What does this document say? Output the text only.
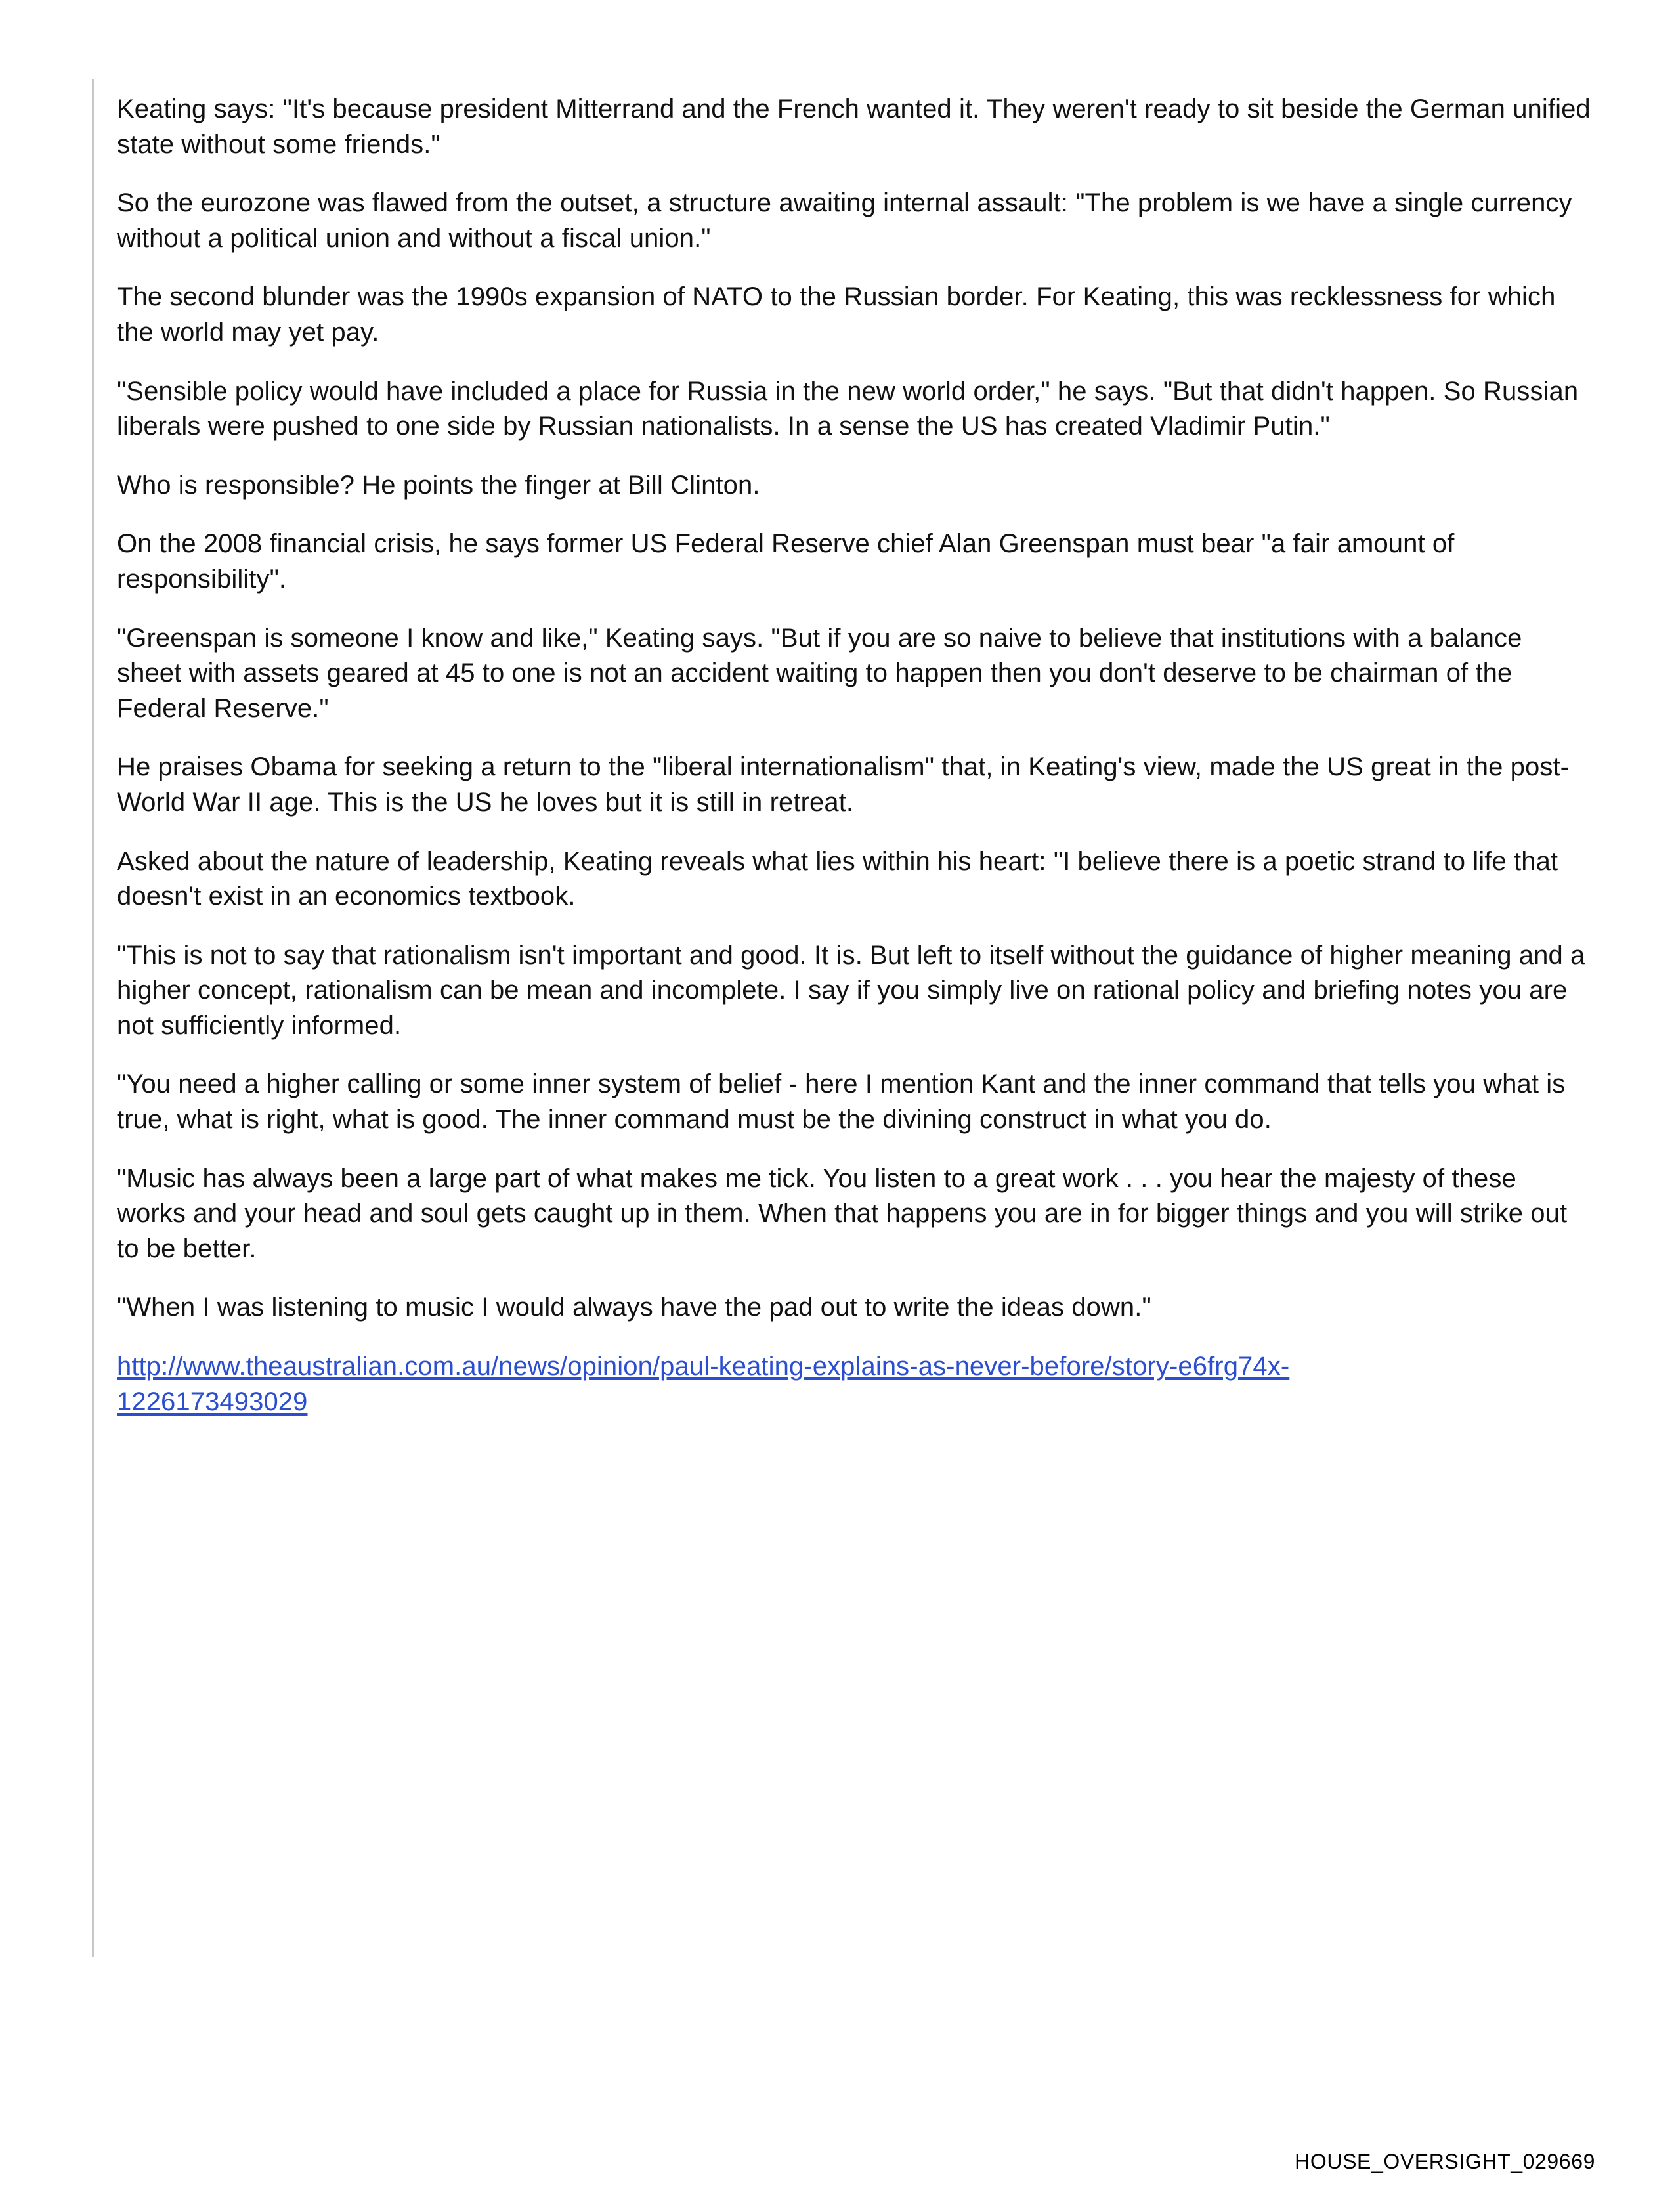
Keating says: "It's because president Mitterrand and the French wanted it. They weren't ready to sit beside the German unified state without some friends."

So the eurozone was flawed from the outset, a structure awaiting internal assault: "The problem is we have a single currency without a political union and without a fiscal union."

The second blunder was the 1990s expansion of NATO to the Russian border. For Keating, this was recklessness for which the world may yet pay.

"Sensible policy would have included a place for Russia in the new world order," he says. "But that didn't happen. So Russian liberals were pushed to one side by Russian nationalists. In a sense the US has created Vladimir Putin."

Who is responsible? He points the finger at Bill Clinton.

On the 2008 financial crisis, he says former US Federal Reserve chief Alan Greenspan must bear "a fair amount of responsibility".

"Greenspan is someone I know and like," Keating says. "But if you are so naive to believe that institutions with a balance sheet with assets geared at 45 to one is not an accident waiting to happen then you don't deserve to be chairman of the Federal Reserve."

He praises Obama for seeking a return to the "liberal internationalism" that, in Keating's view, made the US great in the post-World War II age. This is the US he loves but it is still in retreat.

Asked about the nature of leadership, Keating reveals what lies within his heart: "I believe there is a poetic strand to life that doesn't exist in an economics textbook.

"This is not to say that rationalism isn't important and good. It is. But left to itself without the guidance of higher meaning and a higher concept, rationalism can be mean and incomplete. I say if you simply live on rational policy and briefing notes you are not sufficiently informed.

"You need a higher calling or some inner system of belief - here I mention Kant and the inner command that tells you what is true, what is right, what is good. The inner command must be the divining construct in what you do.

"Music has always been a large part of what makes me tick. You listen to a great work . . . you hear the majesty of these works and your head and soul gets caught up in them. When that happens you are in for bigger things and you will strike out to be better.

"When I was listening to music I would always have the pad out to write the ideas down."

http://www.theaustralian.com.au/news/opinion/paul-keating-explains-as-never-before/story-e6frg74x-1226173493029

HOUSE_OVERSIGHT_029669
